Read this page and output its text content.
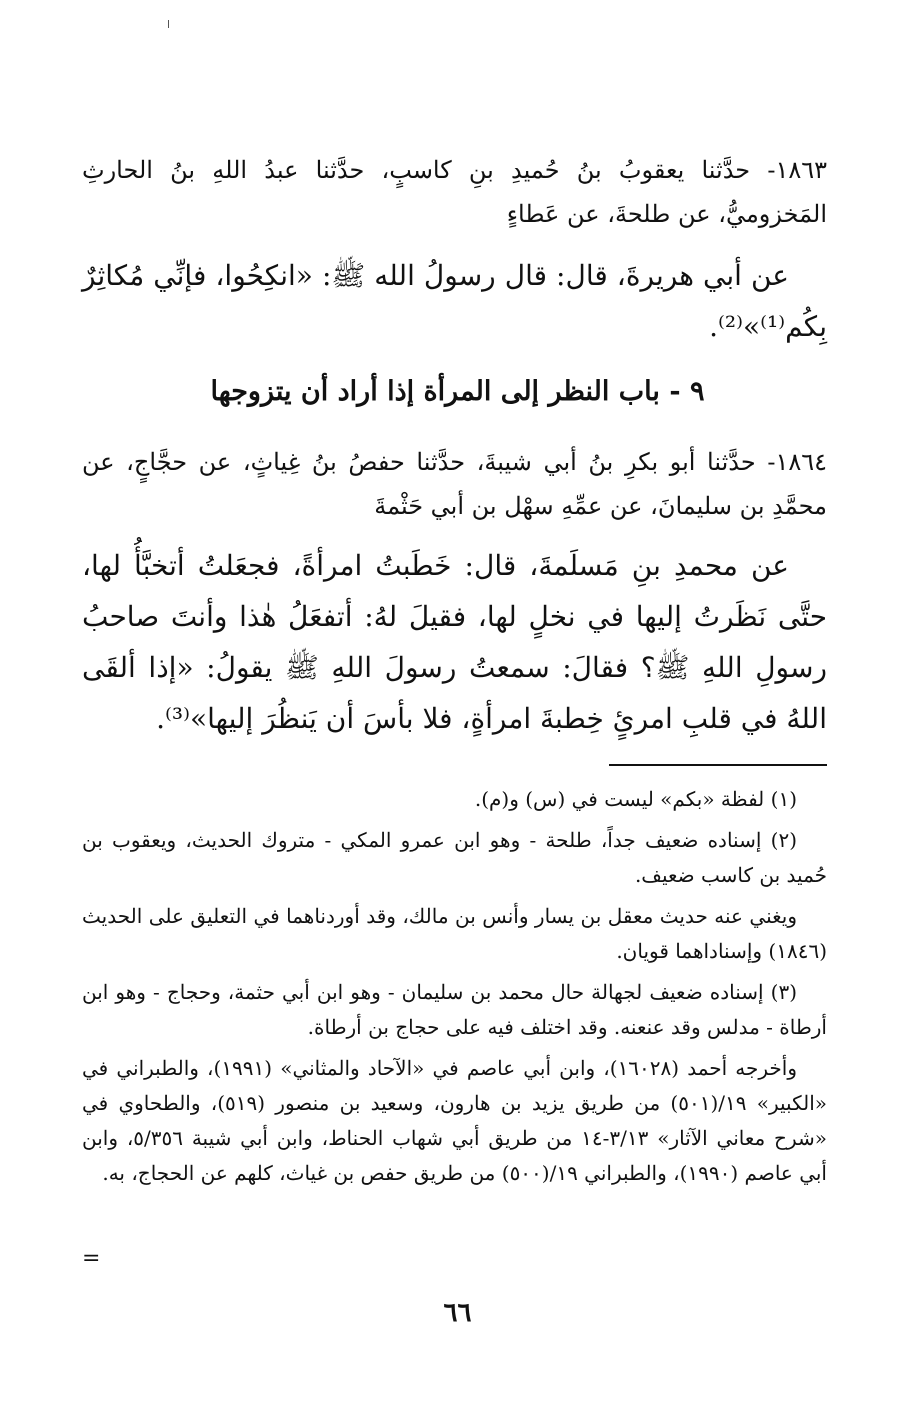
١٨٦٣- حدَّثنا يعقوبُ بنُ حُميدِ بنِ كاسبٍ، حدَّثنا عبدُ اللهِ بنُ الحارثِ المَخزوميُّ، عن طلحةَ، عن عَطاءٍ
عن أبي هريرةَ، قال: قال رسولُ الله ﷺ: «انكِحُوا، فإنِّي مُكاثِرٌ بِكُم⁽¹⁾»⁽²⁾.
٩ - باب النظر إلى المرأة إذا أراد أن يتزوجها
١٨٦٤- حدَّثنا أبو بكرِ بنُ أبي شيبةَ، حدَّثنا حفصُ بنُ غِياثٍ، عن حجَّاجٍ، عن محمَّدِ بن سليمانَ، عن عمِّهِ سهْل بن أبي حَثْمةَ
عن محمدِ بنِ مَسلَمةَ، قال: خَطَبتُ امرأةً، فجعَلتُ أتخبَّأُ لها، حتَّى نَظَرتُ إليها في نخلٍ لها، فقيلَ لهُ: أتفعَلُ هٰذا وأنتَ صاحبُ رسولِ اللهِ ﷺ؟ فقالَ: سمعتُ رسولَ اللهِ ﷺ يقولُ: «إذا ألقَى اللهُ في قلبِ امرئٍ خِطبةَ امرأةٍ، فلا بأسَ أن يَنظُرَ إليها»⁽³⁾.

(١) لفظة «بكم» ليست في (س) و(م).

(٢) إسناده ضعيف جداً، طلحة - وهو ابن عمرو المكي - متروك الحديث، ويعقوب بن حُميد بن كاسب ضعيف.

ويغني عنه حديث معقل بن يسار وأنس بن مالك، وقد أوردناهما في التعليق على الحديث (١٨٤٦) وإسناداهما قويان.

(٣) إسناده ضعيف لجهالة حال محمد بن سليمان - وهو ابن أبي حثمة، وحجاج - وهو ابن أرطاة - مدلس وقد عنعنه. وقد اختلف فيه على حجاج بن أرطاة.

وأخرجه أحمد (١٦٠٢٨)، وابن أبي عاصم في «الآحاد والمثاني» (١٩٩١)، والطبراني في «الكبير» ١٩/(٥٠١) من طريق يزيد بن هارون، وسعيد بن منصور (٥١٩)، والطحاوي في «شرح معاني الآثار» ٣/١٣-١٤ من طريق أبي شهاب الحناط، وابن أبي شيبة ٥/٣٥٦، وابن أبي عاصم (١٩٩٠)، والطبراني ١٩/(٥٠٠) من طريق حفص بن غياث، كلهم عن الحجاج، به.

=
٦٦
